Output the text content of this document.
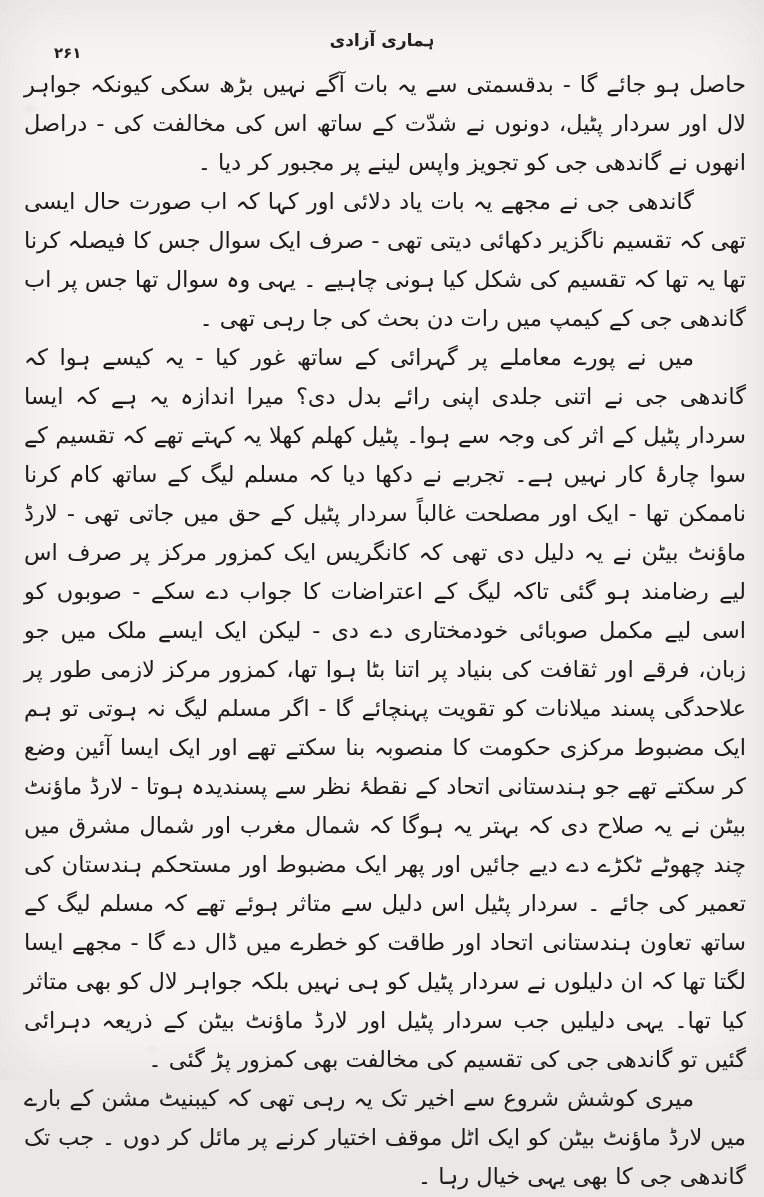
۲۶۱
ہماری آزادی

حاصل ہو جائے گا - بدقسمتی سے یہ بات آگے نہیں بڑھ سکی کیونکہ جواہر لال اور سردار پٹیل، دونوں نے شدّت کے ساتھ اس کی مخالفت کی - دراصل انھوں نے گاندھی جی کو تجویز واپس لینے پر مجبور کر دیا ۔

گاندھی جی نے مجھے یہ بات یاد دلائی اور کہا کہ اب صورت حال ایسی تھی کہ تقسیم ناگزیر دکھائی دیتی تھی - صرف ایک سوال جس کا فیصلہ کرنا تھا یہ تھا کہ تقسیم کی شکل کیا ہونی چاہیے ۔ یہی وہ سوال تھا جس پر اب گاندھی جی کے کیمپ میں رات دن بحث کی جا رہی تھی ۔

میں نے پورے معاملے پر گہرائی کے ساتھ غور کیا - یہ کیسے ہوا کہ گاندھی جی نے اتنی جلدی اپنی رائے بدل دی؟ میرا اندازہ یہ ہے کہ ایسا سردار پٹیل کے اثر کی وجہ سے ہوا۔ پٹیل کھلم کھلا یہ کہتے تھے کہ تقسیم کے سوا چارۂ کار نہیں ہے۔ تجربے نے دکھا دیا کہ مسلم لیگ کے ساتھ کام کرنا ناممکن تھا - ایک اور مصلحت غالباً سردار پٹیل کے حق میں جاتی تھی - لارڈ ماؤنٹ بیٹن نے یہ دلیل دی تھی کہ کانگریس ایک کمزور مرکز پر صرف اس لیے رضامند ہو گئی تاکہ لیگ کے اعتراضات کا جواب دے سکے - صوبوں کو اسی لیے مکمل صوبائی خودمختاری دے دی - لیکن ایک ایسے ملک میں جو زبان، فرقے اور ثقافت کی بنیاد پر اتنا بٹا ہوا تھا، کمزور مرکز لازمی طور پر علاحدگی پسند میلانات کو تقویت پہنچائے گا - اگر مسلم لیگ نہ ہوتی تو ہم ایک مضبوط مرکزی حکومت کا منصوبہ بنا سکتے تھے اور ایک ایسا آئین وضع کر سکتے تھے جو ہندستانی اتحاد کے نقطۂ نظر سے پسندیدہ ہوتا - لارڈ ماؤنٹ بیٹن نے یہ صلاح دی کہ بہتر یہ ہوگا کہ شمال مغرب اور شمال مشرق میں چند چھوٹے ٹکڑے دے دیے جائیں اور پھر ایک مضبوط اور مستحکم ہندستان کی تعمیر کی جائے ۔ سردار پٹیل اس دلیل سے متاثر ہوئے تھے کہ مسلم لیگ کے ساتھ تعاون ہندستانی اتحاد اور طاقت کو خطرے میں ڈال دے گا - مجھے ایسا لگتا تھا کہ ان دلیلوں نے سردار پٹیل کو ہی نہیں بلکہ جواہر لال کو بھی متاثر کیا تھا۔ یہی دلیلیں جب سردار پٹیل اور لارڈ ماؤنٹ بیٹن کے ذریعہ دہرائی گئیں تو گاندھی جی کی تقسیم کی مخالفت بھی کمزور پڑ گئی ۔

میری کوشش شروع سے اخیر تک یہ رہی تھی کہ کیبنیٹ مشن کے بارے میں لارڈ ماؤنٹ بیٹن کو ایک اٹل موقف اختیار کرنے پر مائل کر دوں ۔ جب تک گاندھی جی کا بھی یہی خیال رہا ۔
